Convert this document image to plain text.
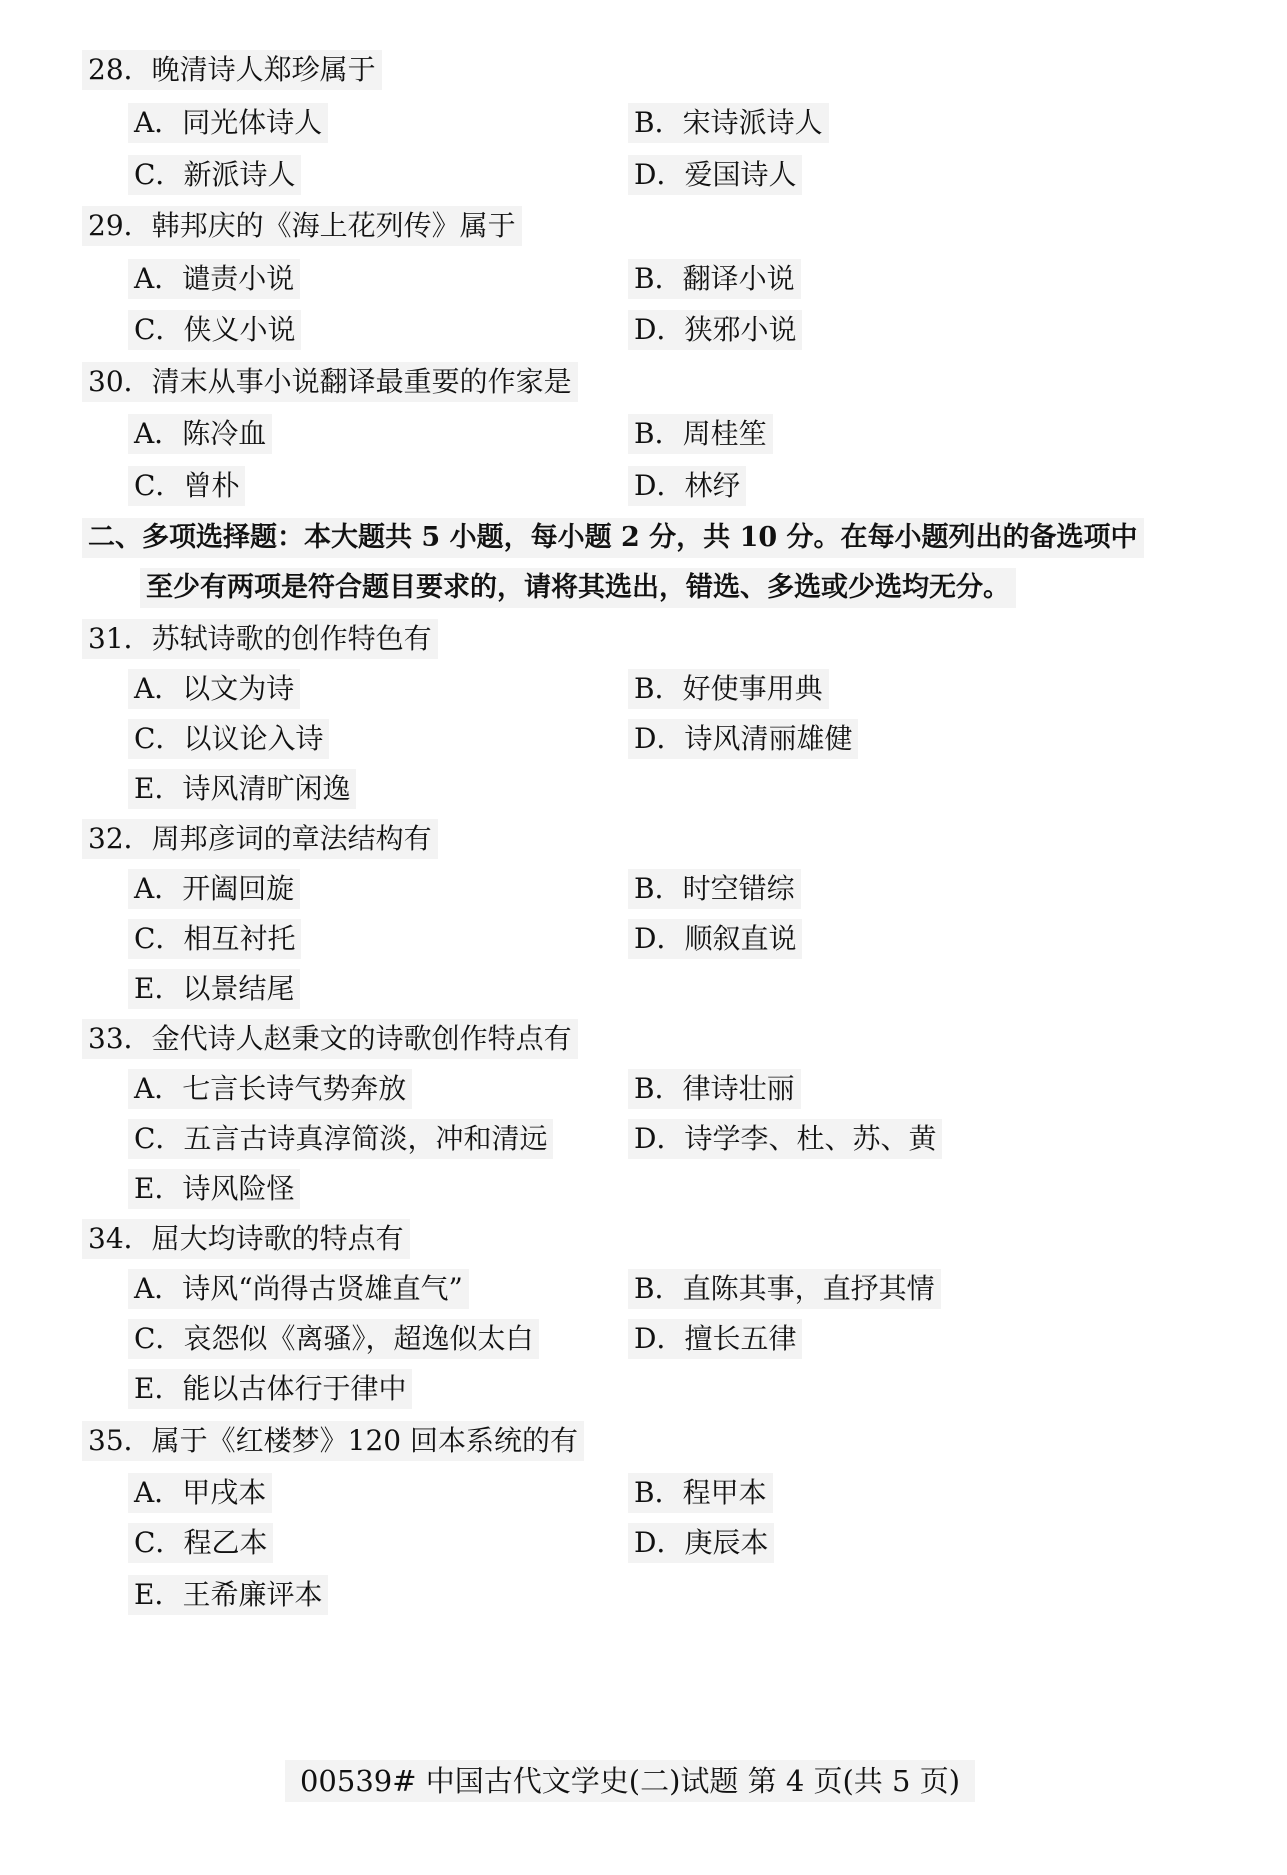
28．晚清诗人郑珍属于
A．同光体诗人	B．宋诗派诗人
C．新派诗人	D．爱国诗人
29．韩邦庆的《海上花列传》属于
A．谴责小说	B．翻译小说
C．侠义小说	D．狭邪小说
30．清末从事小说翻译最重要的作家是
A．陈冷血	B．周桂笙
C．曾朴	D．林纾
二、多项选择题：本大题共 5 小题，每小题 2 分，共 10 分。在每小题列出的备选项中
至少有两项是符合题目要求的，请将其选出，错选、多选或少选均无分。
31．苏轼诗歌的创作特色有
A．以文为诗	B．好使事用典
C．以议论入诗	D．诗风清丽雄健
E．诗风清旷闲逸
32．周邦彦词的章法结构有
A．开阖回旋	B．时空错综
C．相互衬托	D．顺叙直说
E．以景结尾
33．金代诗人赵秉文的诗歌创作特点有
A．七言长诗气势奔放	B．律诗壮丽
C．五言古诗真淳简淡，冲和清远	D．诗学李、杜、苏、黄
E．诗风险怪
34．屈大均诗歌的特点有
A．诗风“尚得古贤雄直气”	B．直陈其事，直抒其情
C．哀怨似《离骚》，超逸似太白	D．擅长五律
E．能以古体行于律中
35．属于《红楼梦》120 回本系统的有
A．甲戌本	B．程甲本
C．程乙本	D．庚辰本
E．王希廉评本
00539# 中国古代文学史(二)试题 第 4 页(共 5 页)
